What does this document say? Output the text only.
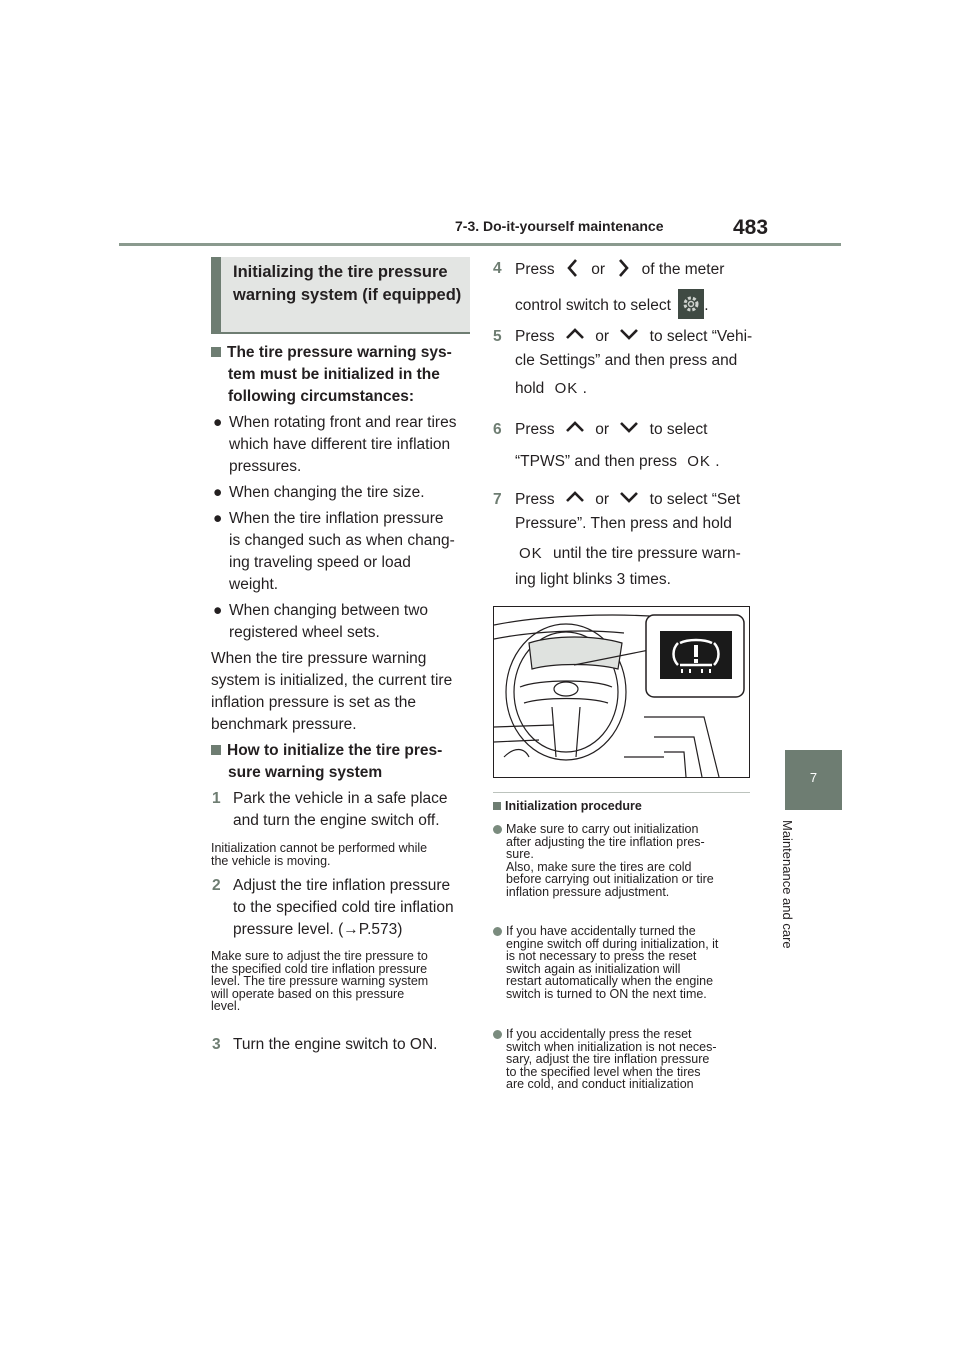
7-3. Do-it-yourself maintenance	483
7
Maintenance and care
Initializing the tire pressure warning system (if equipped)
The tire pressure warning sys-
tem must be initialized in the
following circumstances:
● When rotating front and rear tires
which have different tire inflation
pressures.
● When changing the tire size.
● When the tire inflation pressure
is changed such as when chang-
ing traveling speed or load
weight.
● When changing between two
registered wheel sets.
When the tire pressure warning
system is initialized, the current tire
inflation pressure is set as the
benchmark pressure.
How to initialize the tire pres-
sure warning system
1 Park the vehicle in a safe place
and turn the engine switch off.
Initialization cannot be performed while
the vehicle is moving.
2 Adjust the tire inflation pressure
to the specified cold tire inflation
pressure level. (→P.573)
Make sure to adjust the tire pressure to
the specified cold tire inflation pressure
level. The tire pressure warning system
will operate based on this pressure
level.
3 Turn the engine switch to ON.
4 Press or of the meter
control switch to select .
5 Press	or	to select “Vehi-
cle Settings” and then press and
hold OK .
6 Press	or	to select
“TPWS” and then press OK .
7 Press	or	to select “Set
Pressure”. Then press and hold
OK until the tire pressure warn-
ing light blinks 3 times.
Initialization procedure
Make sure to carry out initialization
after adjusting the tire inflation pres-
sure.
Also, make sure the tires are cold
before carrying out initialization or tire
inflation pressure adjustment.
If you have accidentally turned the
engine switch off during initialization, it
is not necessary to press the reset
switch again as initialization will
restart automatically when the engine
switch is turned to ON the next time.
If you accidentally press the reset
switch when initialization is not neces-
sary, adjust the tire inflation pressure
to the specified level when the tires
are cold, and conduct initialization
